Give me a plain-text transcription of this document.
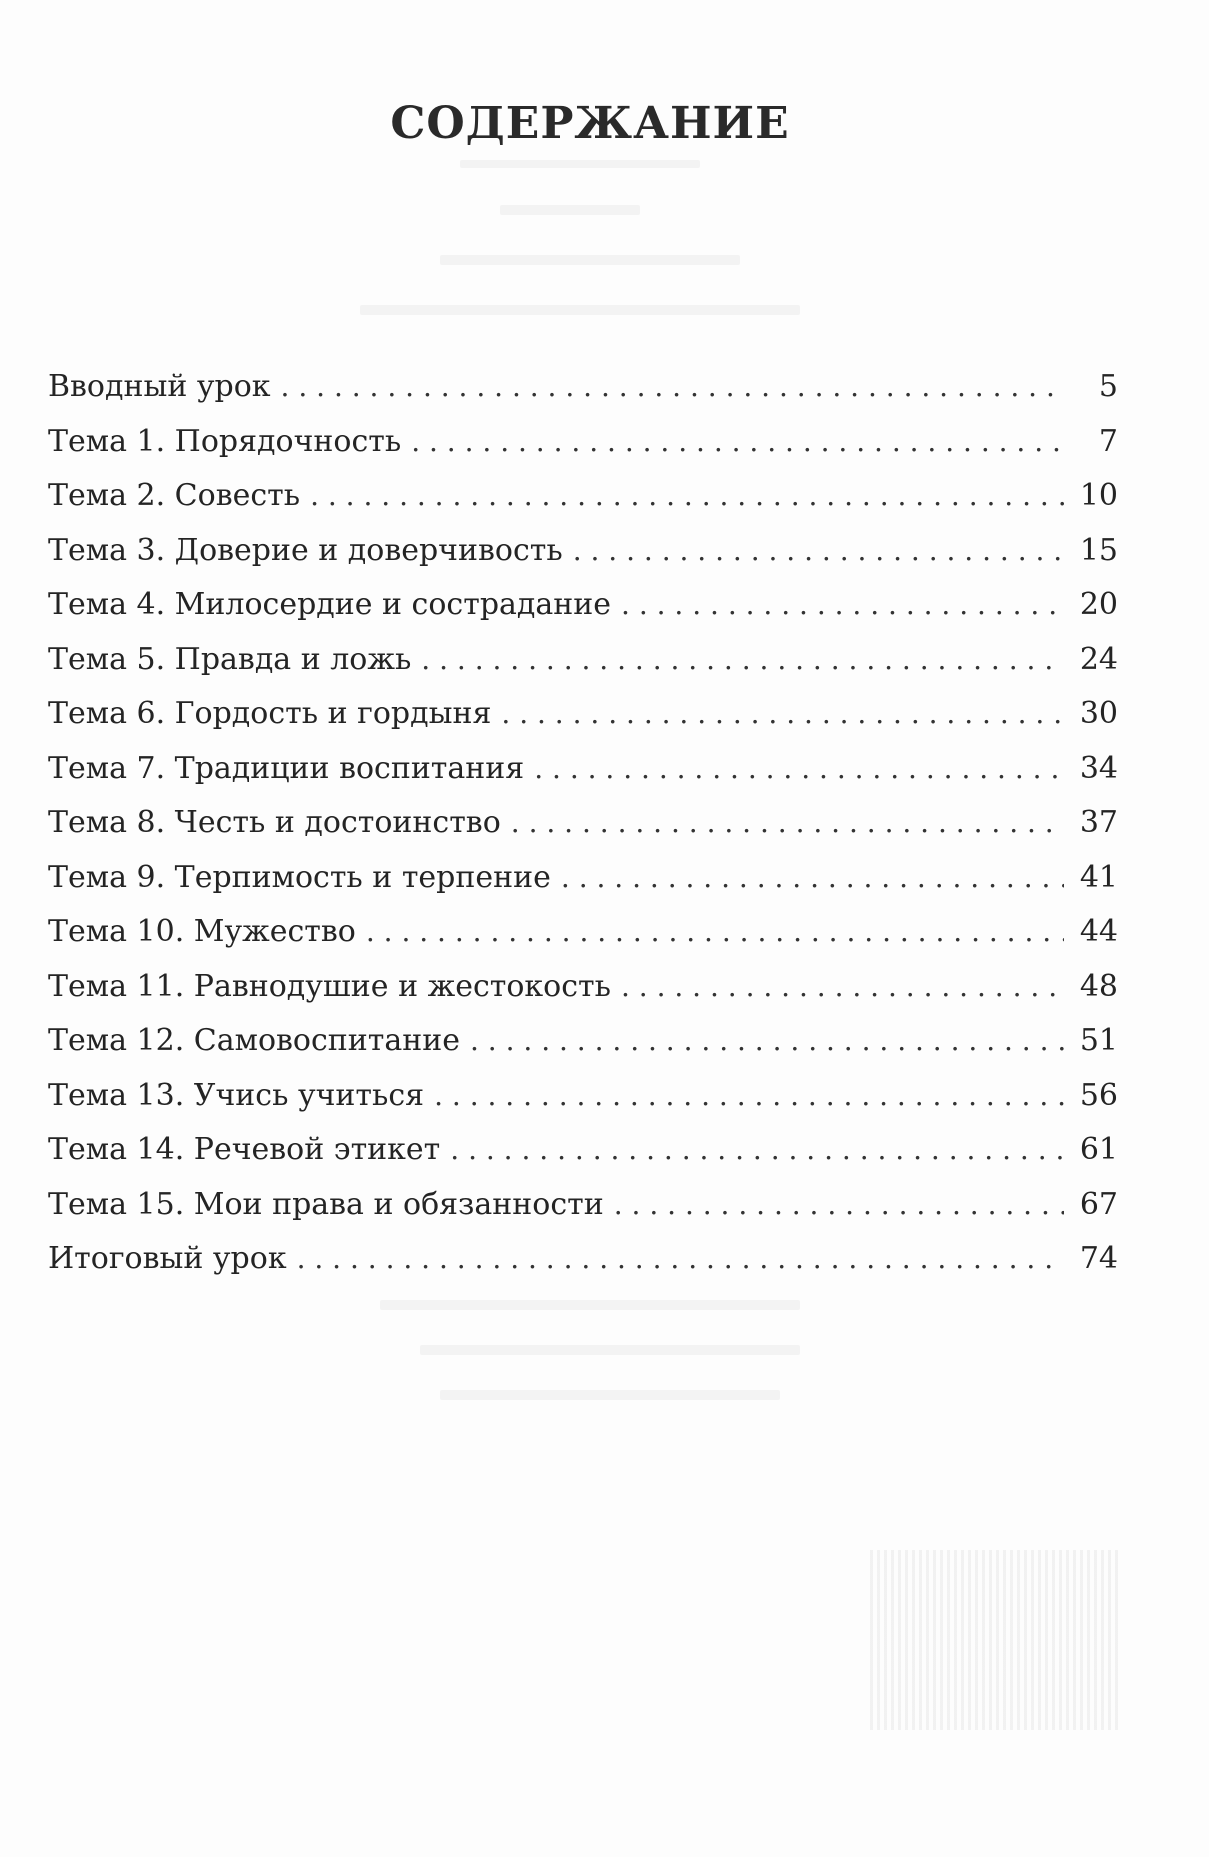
СОДЕРЖАНИЕ
Вводный урок . . .	5
Тема 1. Порядочность . . .	7
Тема 2. Совесть . . .	10
Тема 3. Доверие и доверчивость . . .	15
Тема 4. Милосердие и сострадание . . .	20
Тема 5. Правда и ложь . . .	24
Тема 6. Гордость и гордыня . . .	30
Тема 7. Традиции воспитания . . .	34
Тема 8. Честь и достоинство . . .	37
Тема 9. Терпимость и терпение . . .	41
Тема 10. Мужество . . .	44
Тема 11. Равнодушие и жестокость . . .	48
Тема 12. Самовоспитание . . .	51
Тема 13. Учись учиться . . .	56
Тема 14. Речевой этикет . . .	61
Тема 15. Мои права и обязанности . . .	67
Итоговый урок . . .	74
